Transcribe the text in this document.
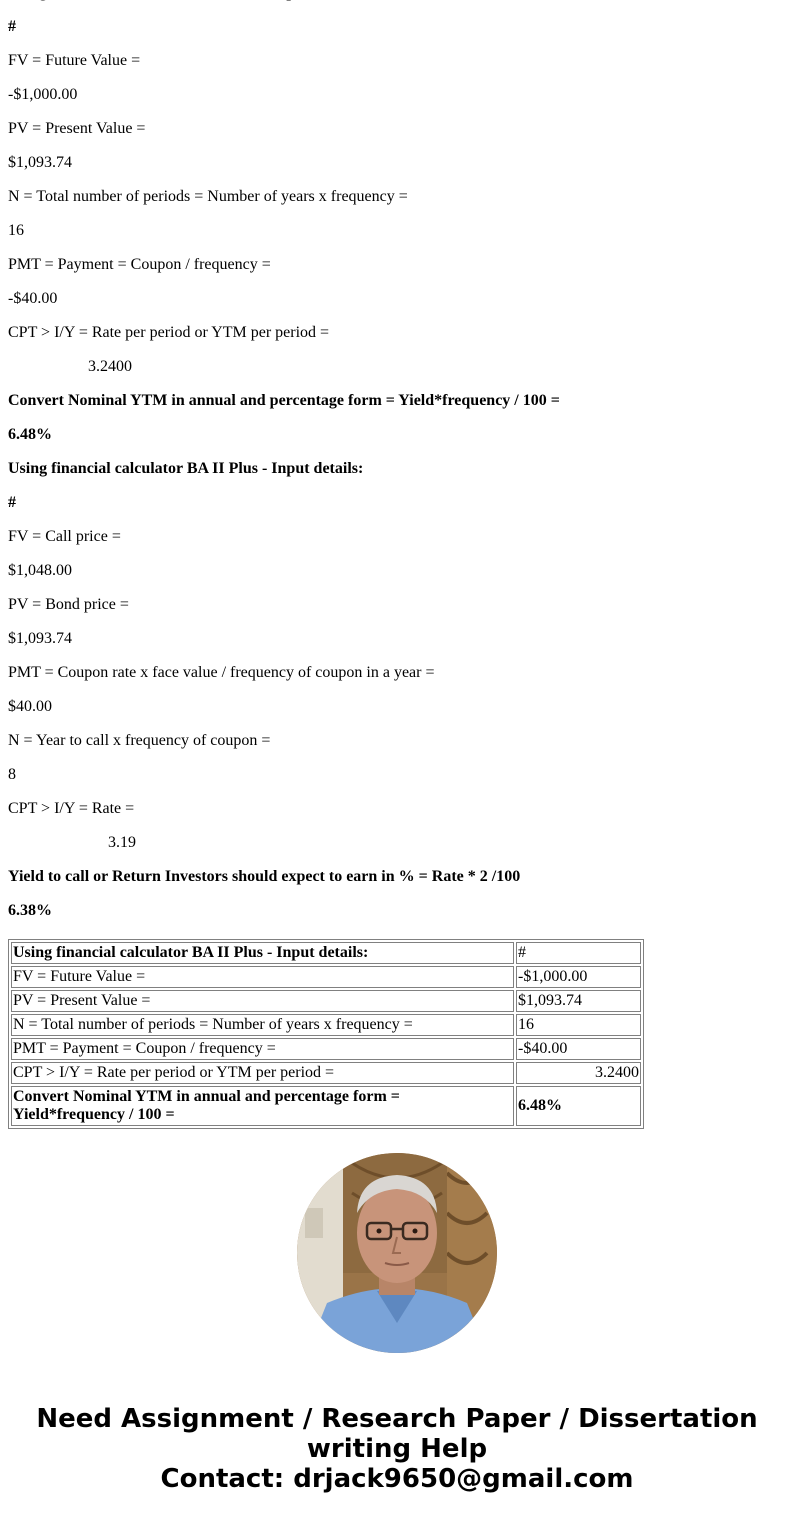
#

FV = Future Value =

-$1,000.00

PV = Present Value =

$1,093.74

N = Total number of periods = Number of years x frequency =

16

PMT = Payment = Coupon / frequency =

-$40.00

CPT > I/Y = Rate per period or YTM per period =

3.2400

Convert Nominal YTM in annual and percentage form = Yield*frequency / 100 =

6.48%

Using financial calculator BA II Plus - Input details:

#

FV = Call price =

$1,048.00

PV = Bond price =

$1,093.74

PMT = Coupon rate x face value / frequency of coupon in a year =

$40.00

N = Year to call x frequency of coupon =

8

CPT > I/Y = Rate =

3.19

Yield to call or Return Investors should expect to earn in % = Rate * 2 /100

6.38%

Using financial calculator BA II Plus - Input details:	#
FV = Future Value =	-$1,000.00
PV = Present Value =	$1,093.74
N = Total number of periods = Number of years x frequency =	16
PMT = Payment = Coupon / frequency =	-$40.00
CPT > I/Y = Rate per period or YTM per period =	3.2400
Convert Nominal YTM in annual and percentage form = Yield*frequency / 100 =	6.48%
Need Assignment / Research Paper / Dissertation
writing Help
Contact: drjack9650@gmail.com
